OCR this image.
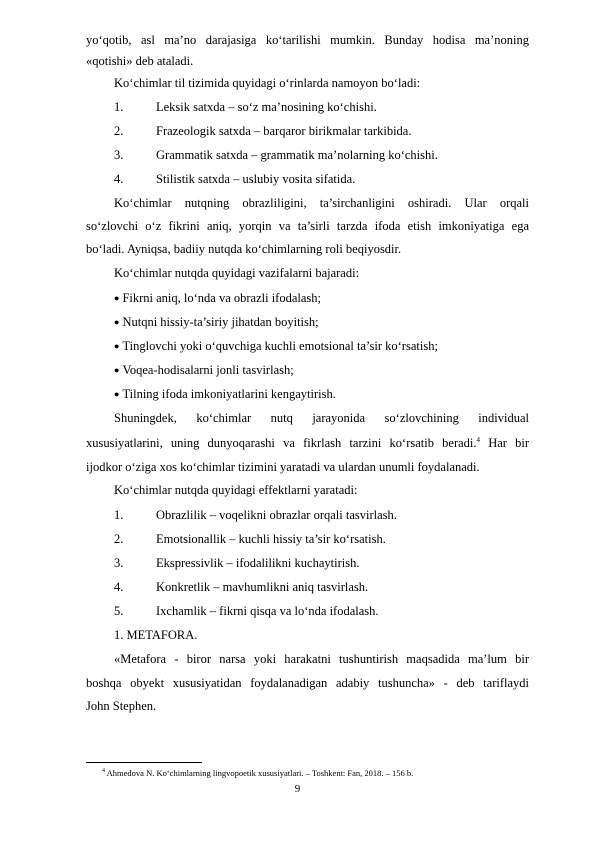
yo‘qotib, asl ma’no darajasiga ko‘tarilishi mumkin. Bunday hodisa ma’noning
«qotishi» deb ataladi.
Ko‘chimlar til tizimida quyidagi o‘rinlarda namoyon bo‘ladi:
1.	Leksik satxda – so‘z ma’nosining ko‘chishi.
2.	Frazeologik satxda – barqaror birikmalar tarkibida.
3.	Grammatik satxda – grammatik ma’nolarning ko‘chishi.
4.	Stilistik satxda – uslubiy vosita sifatida.
Ko‘chimlar nutqning obrazliligini, ta’sirchanligini oshiradi. Ular orqali
so‘zlovchi o‘z fikrini aniq, yorqin va ta’sirli tarzda ifoda etish imkoniyatiga ega
bo‘ladi. Ayniqsa, badiiy nutqda ko‘chimlarning roli beqiyosdir.
Ko‘chimlar nutqda quyidagi vazifalarni bajaradi:
● Fikrni aniq, lo‘nda va obrazli ifodalash;
● Nutqni hissiy-ta’siriy jihatdan boyitish;
● Tinglovchi yoki o‘quvchiga kuchli emotsional ta’sir ko‘rsatish;
● Voqea-hodisalarni jonli tasvirlash;
● Tilning ifoda imkoniyatlarini kengaytirish.
Shuningdek, ko‘chimlar nutq jarayonida so‘zlovchining individual
xususiyatlarini, uning dunyoqarashi va fikrlash tarzini ko‘rsatib beradi.$^4$ Har bir
ijodkor o‘ziga xos ko‘chimlar tizimini yaratadi va ulardan unumli foydalanadi.
Ko‘chimlar nutqda quyidagi effektlarni yaratadi:
1.	Obrazlilik – voqelikni obrazlar orqali tasvirlash.
2.	Emotsionallik – kuchli hissiy ta’sir ko‘rsatish.
3.	Ekspressivlik – ifodalilikni kuchaytirish.
4.	Konkretlik – mavhumlikni aniq tasvirlash.
5.	Ixchamlik – fikrni qisqa va lo‘nda ifodalash.
1. METAFORA.
«Metafora - biror narsa yoki harakatni tushuntirish maqsadida ma’lum bir
boshqa obyekt xususiyatidan foydalanadigan adabiy tushuncha» - deb tariflaydi
John Stephen.
$^4$ Ahmedova N. Ko‘chimlarning lingvopoetik xususiyatlari. – Toshkent: Fan, 2018. – 156 b.
9
